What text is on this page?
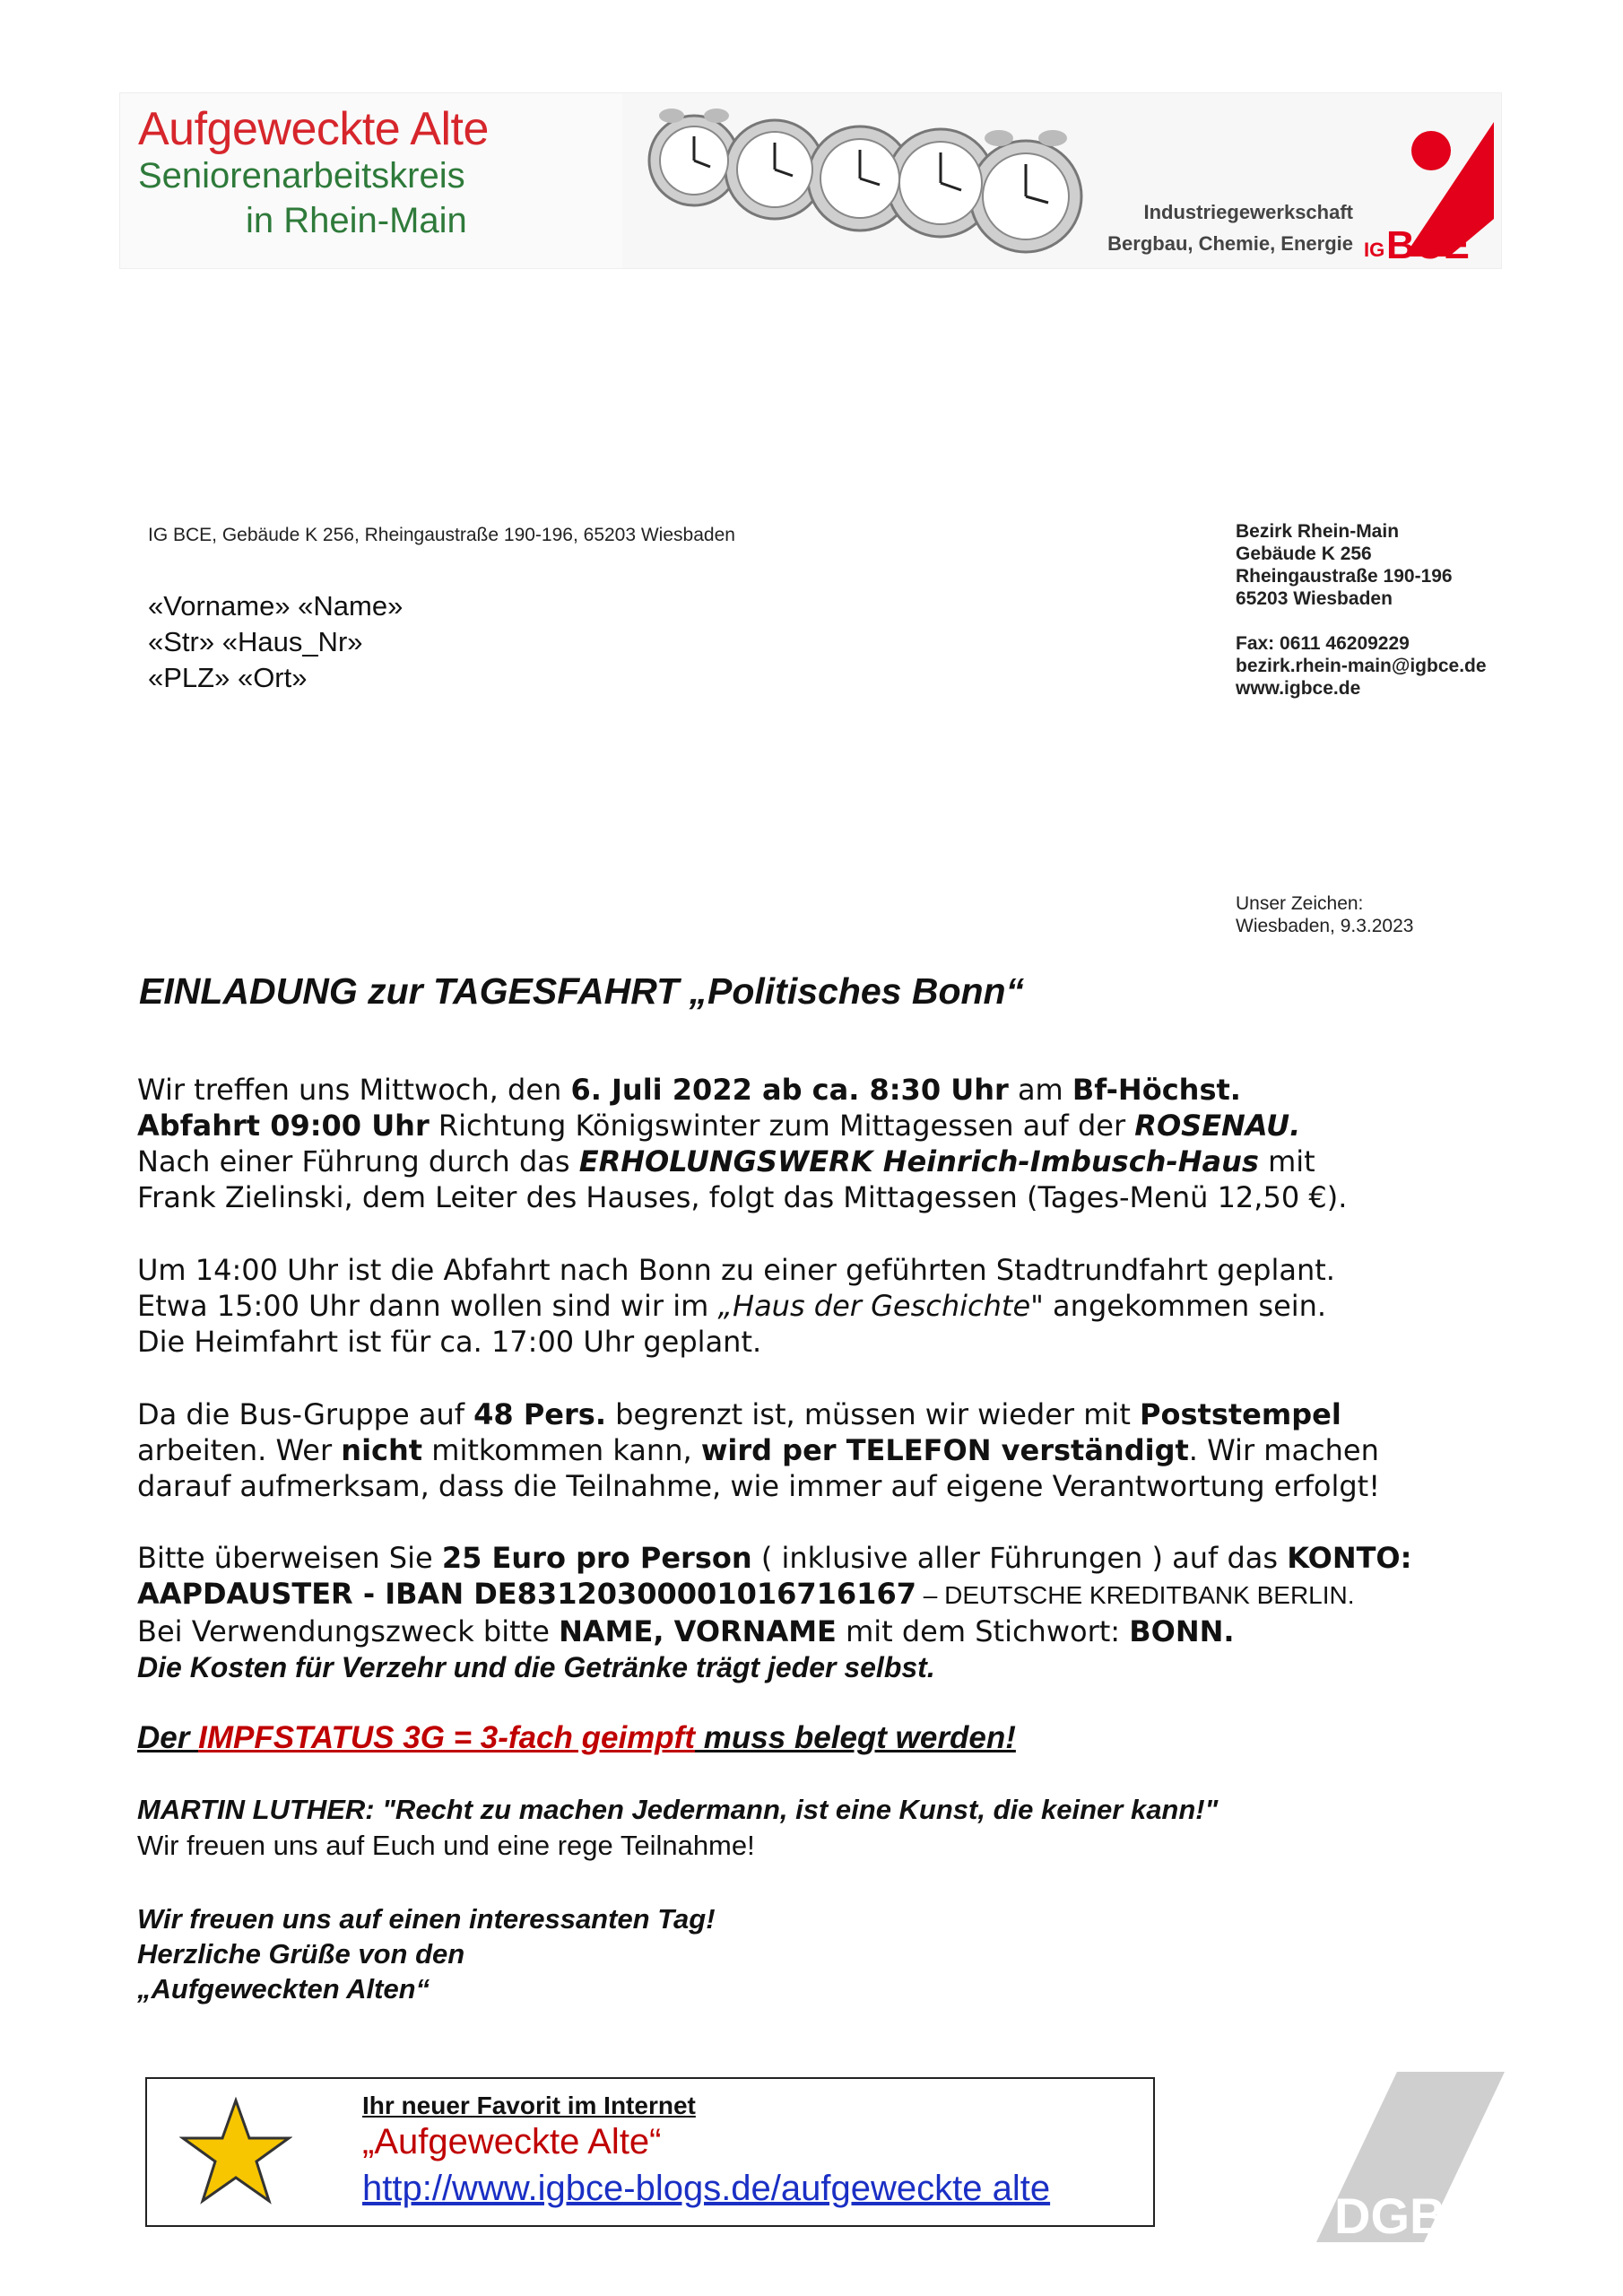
Aufgeweckte Alte
Seniorenarbeitskreis
in Rhein-Main	Industriegewerkschaft
Bergbau, Chemie, Energie IG BCE
IG BCE, Gebäude K 256, Rheingaustraße 190-196, 65203 Wiesbaden
«Vorname» «Name»
«Str» «Haus_Nr»
«PLZ» «Ort»
Bezirk Rhein-Main
Gebäude K 256
Rheingaustraße 190-196
65203 Wiesbaden
Fax: 0611 46209229
bezirk.rhein-main@igbce.de
www.igbce.de
Unser Zeichen:
Wiesbaden, 9.3.2023
EINLADUNG zur TAGESFAHRT „Politisches Bonn“
Wir treffen uns Mittwoch, den 6. Juli 2022 ab ca. 8:30 Uhr am Bf-Höchst.
Abfahrt 09:00 Uhr Richtung Königswinter zum Mittagessen auf der ROSENAU.
Nach einer Führung durch das ERHOLUNGSWERK Heinrich-Imbusch-Haus mit
Frank Zielinski, dem Leiter des Hauses, folgt das Mittagessen (Tages-Menü 12,50 €).
Um 14:00 Uhr ist die Abfahrt nach Bonn zu einer geführten Stadtrundfahrt geplant.
Etwa 15:00 Uhr dann wollen sind wir im „Haus der Geschichte" angekommen sein.
Die Heimfahrt ist für ca. 17:00 Uhr geplant.
Da die Bus-Gruppe auf 48 Pers. begrenzt ist, müssen wir wieder mit Poststempel
arbeiten. Wer nicht mitkommen kann, wird per TELEFON verständigt. Wir machen
darauf aufmerksam, dass die Teilnahme, wie immer auf eigene Verantwortung erfolgt!
Bitte überweisen Sie 25 Euro pro Person ( inklusive aller Führungen ) auf das KONTO:
AAPDAUSTER - IBAN DE83120300001016716167 – DEUTSCHE KREDITBANK BERLIN.
Bei Verwendungszweck bitte NAME, VORNAME mit dem Stichwort: BONN.
Die Kosten für Verzehr und die Getränke trägt jeder selbst.
Der IMPFSTATUS 3G = 3-fach geimpft muss belegt werden!
MARTIN LUTHER: "Recht zu machen Jedermann, ist eine Kunst, die keiner kann!"
Wir freuen uns auf Euch und eine rege Teilnahme!
Wir freuen uns auf einen interessanten Tag!
Herzliche Grüße von den
„Aufgeweckten Alten“
Ihr neuer Favorit im Internet
„Aufgeweckte Alte“
http://www.igbce-blogs.de/aufgeweckte alte	DGB
